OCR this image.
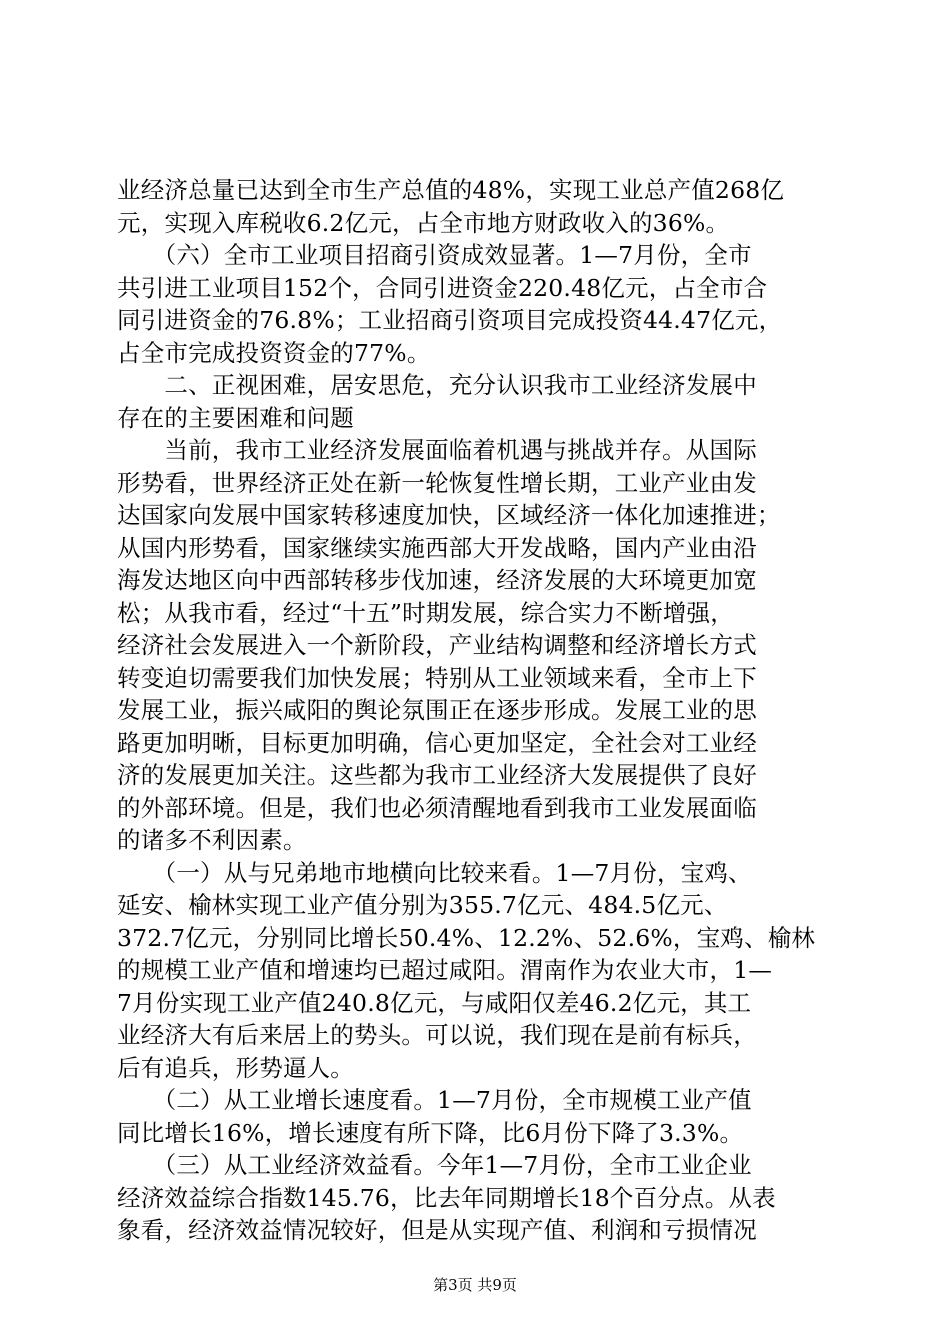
业经济总量已达到全市生产总值的48%，实现工业总产值268亿
元，实现入库税收6.2亿元，占全市地方财政收入的36%。
　　（六）全市工业项目招商引资成效显著。1—7月份，全市
共引进工业项目152个，合同引进资金220.48亿元，占全市合
同引进资金的76.8%；工业招商引资项目完成投资44.47亿元，
占全市完成投资资金的77%。
　　二、正视困难，居安思危，充分认识我市工业经济发展中
存在的主要困难和问题
　　当前，我市工业经济发展面临着机遇与挑战并存。从国际
形势看，世界经济正处在新一轮恢复性增长期，工业产业由发
达国家向发展中国家转移速度加快，区域经济一体化加速推进；
从国内形势看，国家继续实施西部大开发战略，国内产业由沿
海发达地区向中西部转移步伐加速，经济发展的大环境更加宽
松；从我市看，经过“十五”时期发展，综合实力不断增强，
经济社会发展进入一个新阶段，产业结构调整和经济增长方式
转变迫切需要我们加快发展；特别从工业领域来看，全市上下
发展工业，振兴咸阳的舆论氛围正在逐步形成。发展工业的思
路更加明晰，目标更加明确，信心更加坚定，全社会对工业经
济的发展更加关注。这些都为我市工业经济大发展提供了良好
的外部环境。但是，我们也必须清醒地看到我市工业发展面临
的诸多不利因素。
　　（一）从与兄弟地市地横向比较来看。1—7月份，宝鸡、
延安、榆林实现工业产值分别为355.7亿元、484.5亿元、
372.7亿元，分别同比增长50.4%、12.2%、52.6%，宝鸡、榆林
的规模工业产值和增速均已超过咸阳。渭南作为农业大市，1—
7月份实现工业产值240.8亿元，与咸阳仅差46.2亿元，其工
业经济大有后来居上的势头。可以说，我们现在是前有标兵，
后有追兵，形势逼人。
　　（二）从工业增长速度看。1—7月份，全市规模工业产值
同比增长16%，增长速度有所下降，比6月份下降了3.3%。
　　（三）从工业经济效益看。今年1—7月份，全市工业企业
经济效益综合指数145.76，比去年同期增长18个百分点。从表
象看，经济效益情况较好，但是从实现产值、利润和亏损情况
第3页 共9页
